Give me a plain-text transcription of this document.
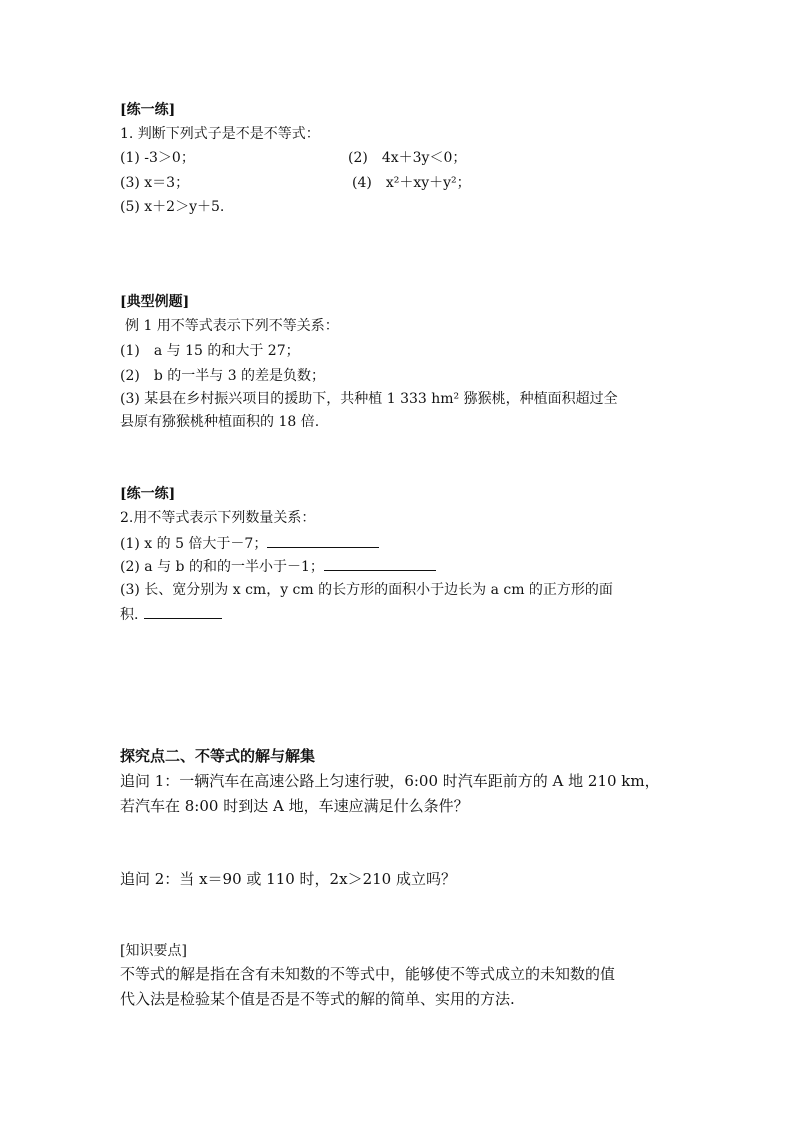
[练一练]
1. 判断下列式子是不是不等式：
(1) -3＞0；	(2)　4x＋3y＜0；
(3) x＝3；	(4)　x²＋xy＋y²；
(5) x＋2＞y＋5.
[典型例题]
例 1 用不等式表示下列不等关系：
(1)　a 与 15 的和大于 27；
(2)　b 的一半与 3 的差是负数；
(3) 某县在乡村振兴项目的援助下，共种植 1 333 hm² 猕猴桃，种植面积超过全
县原有猕猴桃种植面积的 18 倍.
[练一练]
2.用不等式表示下列数量关系：
(1) x 的 5 倍大于－7；
(2) a 与 b 的和的一半小于－1；
(3) 长、宽分别为 x cm，y cm 的长方形的面积小于边长为 a cm 的正方形的面
积.
探究点二、不等式的解与解集
追问 1：一辆汽车在高速公路上匀速行驶，6:00 时汽车距前方的 A 地 210 km，
若汽车在 8:00 时到达 A 地，车速应满足什么条件？
追问 2：当 x＝90 或 110 时，2x＞210 成立吗？
[知识要点]
不等式的解是指在含有未知数的不等式中，能够使不等式成立的未知数的值
代入法是检验某个值是否是不等式的解的简单、实用的方法.
